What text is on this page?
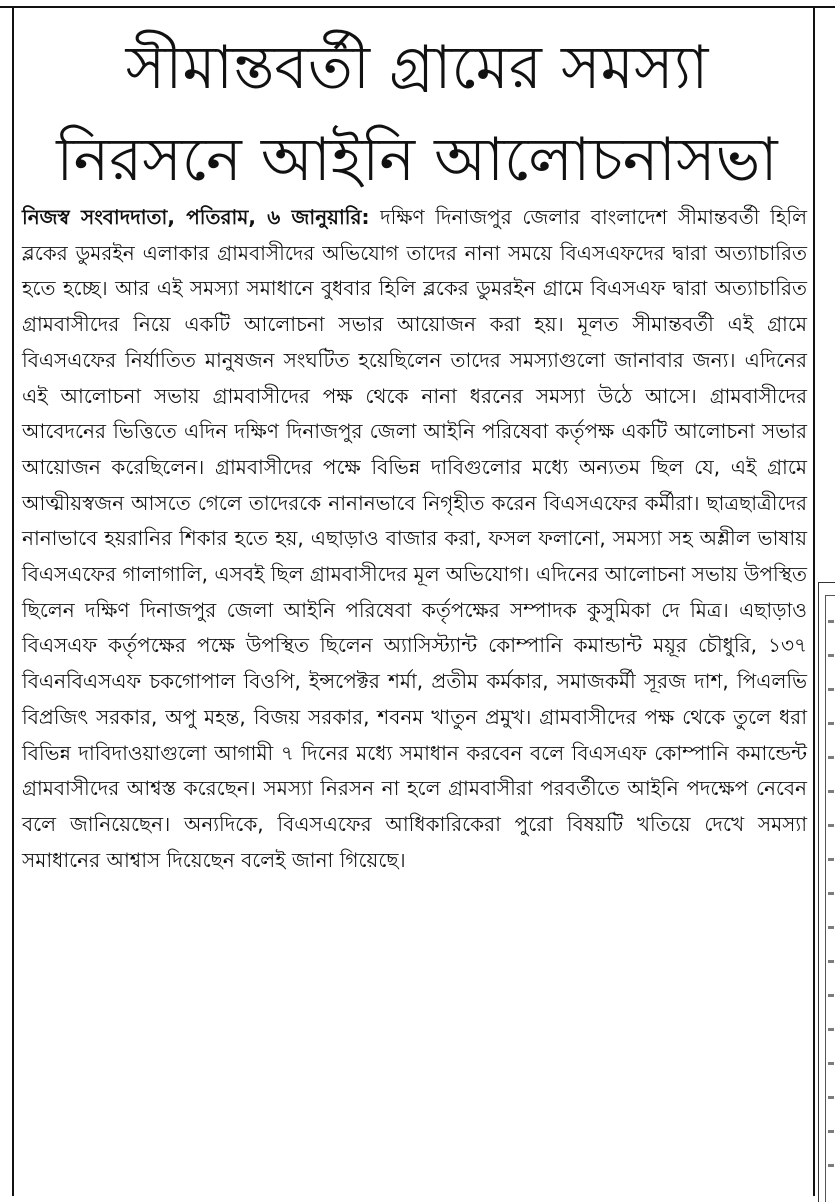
সীমান্তবর্তী গ্রামের সমস্যা
নিরসনে আইনি আলোচনাসভা

নিজস্ব সংবাদদাতা, পতিরাম, ৬ জানুয়ারি: দক্ষিণ দিনাজপুর জেলার বাংলাদেশ সীমান্তবর্তী হিলি ব্লকের ডুমরইন এলাকার গ্রামবাসীদের অভিযোগ তাদের নানা সময়ে বিএসএফদের দ্বারা অত্যাচারিত হতে হচ্ছে। আর এই সমস্যা সমাধানে বুধবার হিলি ব্লকের ডুমরইন গ্রামে বিএসএফ দ্বারা অত্যাচারিত গ্রামবাসীদের নিয়ে একটি আলোচনা সভার আয়োজন করা হয়। মূলত সীমান্তবর্তী এই গ্রামে বিএসএফের নির্যাতিত মানুষজন সংঘটিত হয়েছিলেন তাদের সমস্যাগুলো জানাবার জন্য। এদিনের এই আলোচনা সভায় গ্রামবাসীদের পক্ষ থেকে নানা ধরনের সমস্যা উঠে আসে। গ্রামবাসীদের আবেদনের ভিত্তিতে এদিন দক্ষিণ দিনাজপুর জেলা আইনি পরিষেবা কর্তৃপক্ষ একটি আলোচনা সভার আয়োজন করেছিলেন। গ্রামবাসীদের পক্ষে বিভিন্ন দাবিগুলোর মধ্যে অন্যতম ছিল যে, এই গ্রামে আত্মীয়স্বজন আসতে গেলে তাদেরকে নানানভাবে নিগৃহীত করেন বিএসএফের কর্মীরা। ছাত্রছাত্রীদের নানাভাবে হয়রানির শিকার হতে হয়, এছাড়াও বাজার করা, ফসল ফলানো, সমস্যা সহ অশ্লীল ভাষায় বিএসএফের গালাগালি, এসবই ছিল গ্রামবাসীদের মূল অভিযোগ। এদিনের আলোচনা সভায় উপস্থিত ছিলেন দক্ষিণ দিনাজপুর জেলা আইনি পরিষেবা কর্তৃপক্ষের সম্পাদক কুসুমিকা দে মিত্র। এছাড়াও বিএসএফ কর্তৃপক্ষের পক্ষে উপস্থিত ছিলেন অ্যাসিস্ট্যান্ট কোম্পানি কমান্ডান্ট ময়ূর চৌধুরি, ১৩৭ বিএনবিএসএফ চকগোপাল বিওপি, ইন্সপেক্টর শর্মা, প্রতীম কর্মকার, সমাজকর্মী সূরজ দাশ, পিএলভি বিপ্রজিৎ সরকার, অপু মহন্ত, বিজয় সরকার, শবনম খাতুন প্রমুখ। গ্রামবাসীদের পক্ষ থেকে তুলে ধরা বিভিন্ন দাবিদাওয়াগুলো আগামী ৭ দিনের মধ্যে সমাধান করবেন বলে বিএসএফ কোম্পানি কমান্ডেন্ট গ্রামবাসীদের আশ্বস্ত করেছেন। সমস্যা নিরসন না হলে গ্রামবাসীরা পরবর্তীতে আইনি পদক্ষেপ নেবেন বলে জানিয়েছেন। অন্যদিকে, বিএসএফের আধিকারিকেরা পুরো বিষয়টি খতিয়ে দেখে সমস্যা সমাধানের আশ্বাস দিয়েছেন বলেই জানা গিয়েছে।
